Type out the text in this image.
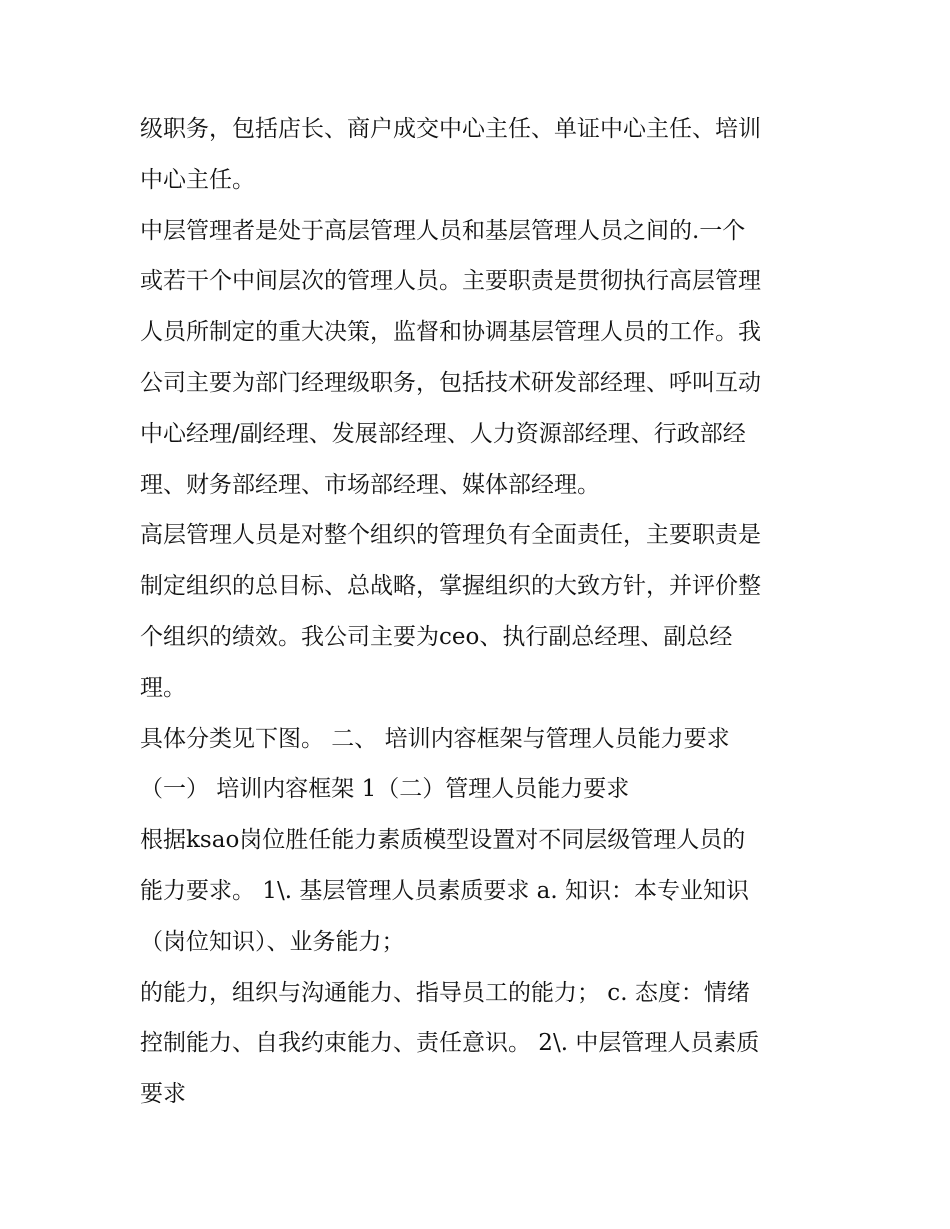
级职务，包括店长、商户成交中心主任、单证中心主任、培训

中心主任。

中层管理者是处于高层管理人员和基层管理人员之间的.一个

或若干个中间层次的管理人员。主要职责是贯彻执行高层管理

人员所制定的重大决策，监督和协调基层管理人员的工作。我

公司主要为部门经理级职务，包括技术研发部经理、呼叫互动

中心经理/副经理、发展部经理、人力资源部经理、行政部经

理、财务部经理、市场部经理、媒体部经理。

高层管理人员是对整个组织的管理负有全面责任，主要职责是

制定组织的总目标、总战略，掌握组织的大致方针，并评价整

个组织的绩效。我公司主要为ceo、执行副总经理、副总经

理。

具体分类见下图。 二、 培训内容框架与管理人员能力要求

（一） 培训内容框架 1（二）管理人员能力要求

根据ksao岗位胜任能力素质模型设置对不同层级管理人员的

能力要求。 1\. 基层管理人员素质要求 a. 知识：本专业知识

（岗位知识）、业务能力；

的能力，组织与沟通能力、指导员工的能力； c. 态度：情绪

控制能力、自我约束能力、责任意识。 2\. 中层管理人员素质

要求
